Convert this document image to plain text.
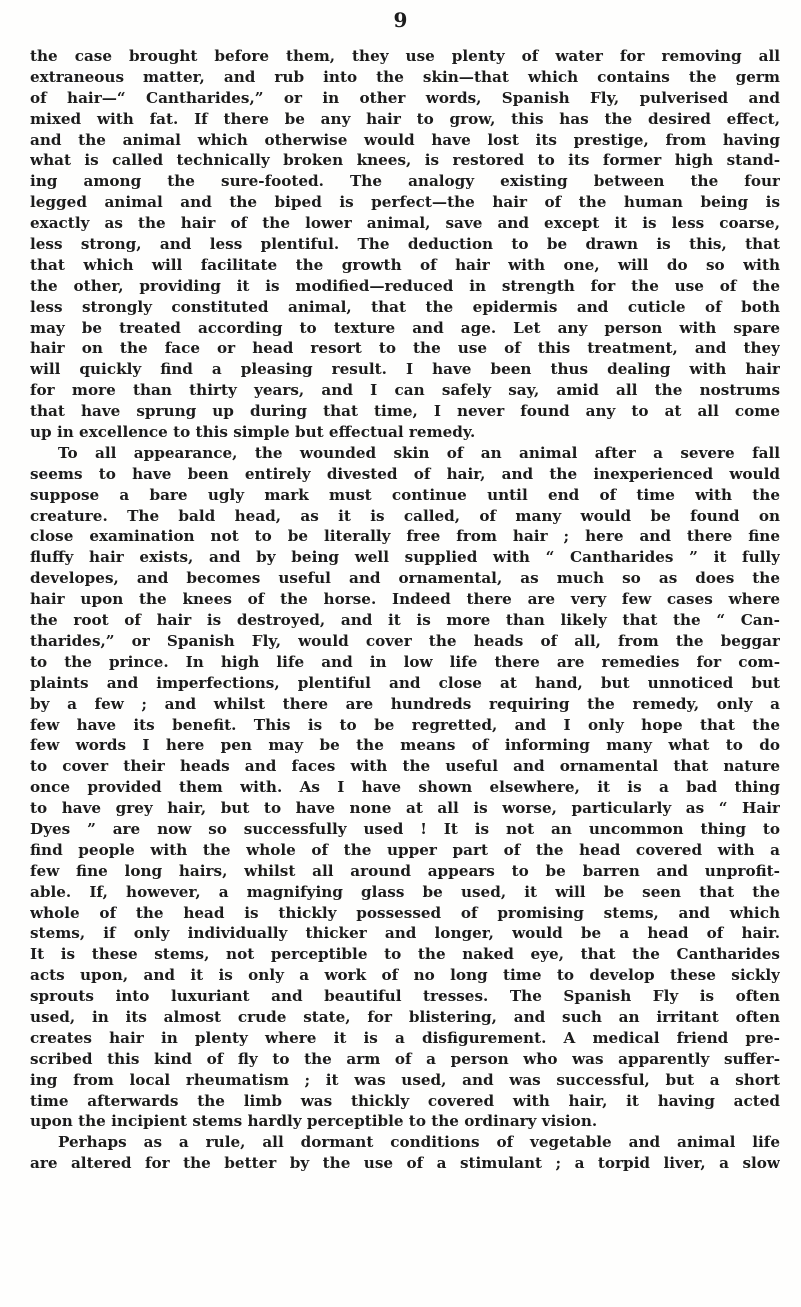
9
the case brought before them, they use plenty of water for removing all
extraneous matter, and rub into the skin—that which contains the germ
of hair—“ Cantharides,” or in other words, Spanish Fly, pulverised and
mixed with fat. If there be any hair to grow, this has the desired effect,
and the animal which otherwise would have lost its prestige, from having
what is called technically broken knees, is restored to its former high stand-
ing among the sure-footed. The analogy existing between the four
legged animal and the biped is perfect—the hair of the human being is
exactly as the hair of the lower animal, save and except it is less coarse,
less strong, and less plentiful. The deduction to be drawn is this, that
that which will facilitate the growth of hair with one, will do so with
the other, providing it is modified—reduced in strength for the use of the
less strongly constituted animal, that the epidermis and cuticle of both
may be treated according to texture and age. Let any person with spare
hair on the face or head resort to the use of this treatment, and they
will quickly find a pleasing result. I have been thus dealing with hair
for more than thirty years, and I can safely say, amid all the nostrums
that have sprung up during that time, I never found any to at all come
up in excellence to this simple but effectual remedy.
To all appearance, the wounded skin of an animal after a severe fall
seems to have been entirely divested of hair, and the inexperienced would
suppose a bare ugly mark must continue until end of time with the
creature. The bald head, as it is called, of many would be found on
close examination not to be literally free from hair ; here and there fine
fluffy hair exists, and by being well supplied with “ Cantharides ” it fully
developes, and becomes useful and ornamental, as much so as does the
hair upon the knees of the horse. Indeed there are very few cases where
the root of hair is destroyed, and it is more than likely that the “ Can-
tharides,” or Spanish Fly, would cover the heads of all, from the beggar
to the prince. In high life and in low life there are remedies for com-
plaints and imperfections, plentiful and close at hand, but unnoticed but
by a few ; and whilst there are hundreds requiring the remedy, only a
few have its benefit. This is to be regretted, and I only hope that the
few words I here pen may be the means of informing many what to do
to cover their heads and faces with the useful and ornamental that nature
once provided them with. As I have shown elsewhere, it is a bad thing
to have grey hair, but to have none at all is worse, particularly as “ Hair
Dyes ” are now so successfully used ! It is not an uncommon thing to
find people with the whole of the upper part of the head covered with a
few fine long hairs, whilst all around appears to be barren and unprofit-
able. If, however, a magnifying glass be used, it will be seen that the
whole of the head is thickly possessed of promising stems, and which
stems, if only individually thicker and longer, would be a head of hair.
It is these stems, not perceptible to the naked eye, that the Cantharides
acts upon, and it is only a work of no long time to develop these sickly
sprouts into luxuriant and beautiful tresses. The Spanish Fly is often
used, in its almost crude state, for blistering, and such an irritant often
creates hair in plenty where it is a disfigurement. A medical friend pre-
scribed this kind of fly to the arm of a person who was apparently suffer-
ing from local rheumatism ; it was used, and was successful, but a short
time afterwards the limb was thickly covered with hair, it having acted
upon the incipient stems hardly perceptible to the ordinary vision.
Perhaps as a rule, all dormant conditions of vegetable and animal life
are altered for the better by the use of a stimulant ; a torpid liver, a slow
